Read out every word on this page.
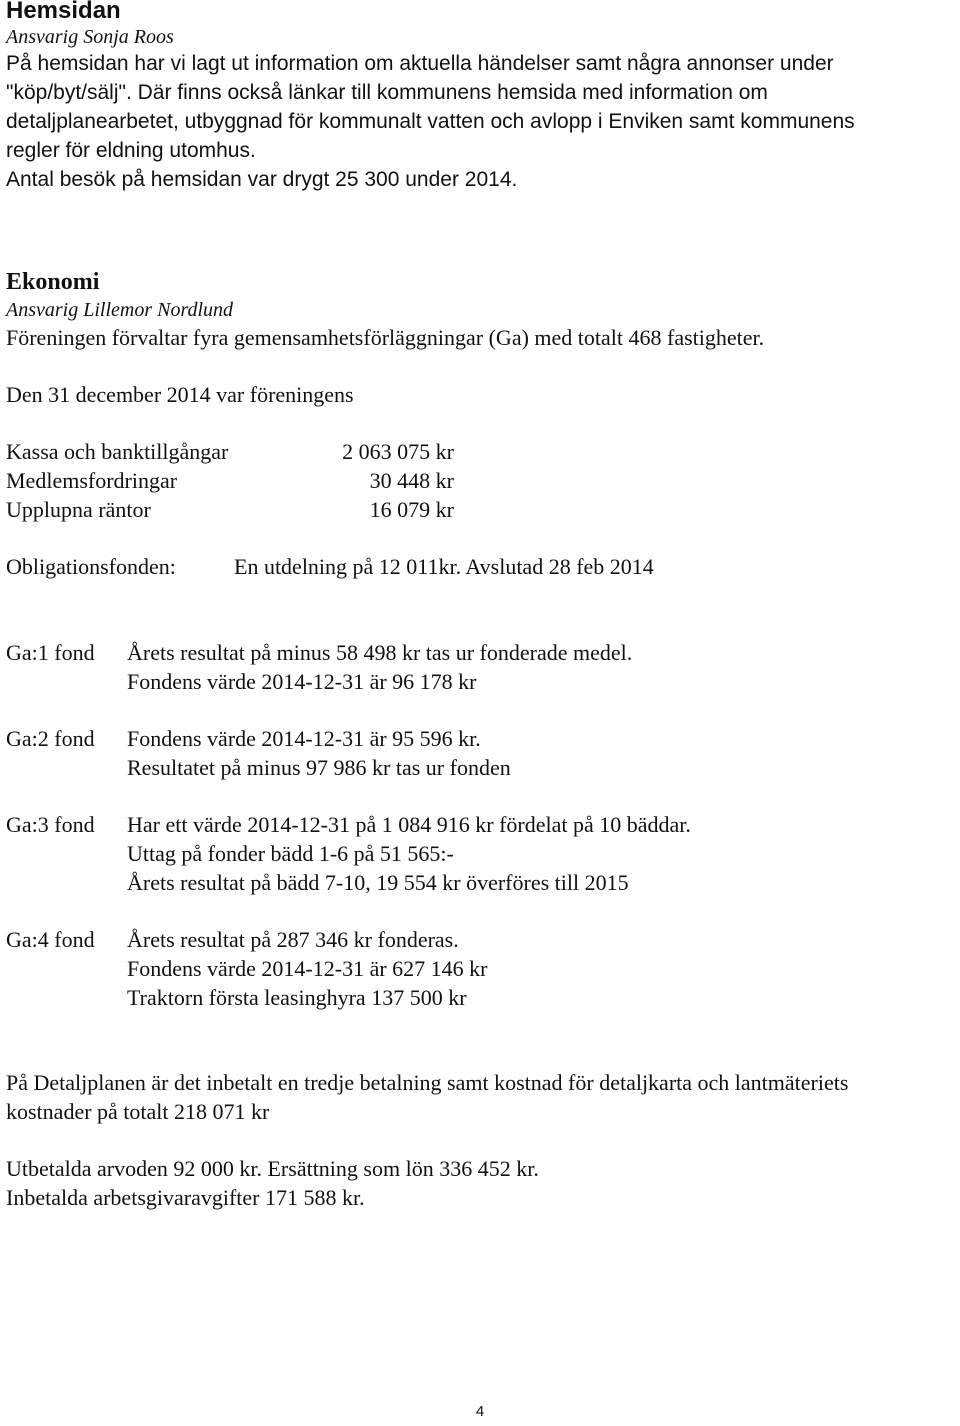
Hemsidan
Ansvarig Sonja Roos
På hemsidan har vi lagt ut information om aktuella händelser samt några annonser under
"köp/byt/sälj". Där finns också länkar till kommunens hemsida med information om
detaljplanearbetet, utbyggnad för kommunalt vatten och avlopp i Enviken samt kommunens
regler för eldning utomhus.
Antal besök på hemsidan var drygt 25 300 under 2014.
Ekonomi
Ansvarig Lillemor Nordlund
Föreningen förvaltar fyra gemensamhetsförläggningar (Ga) med totalt 468 fastigheter.
Den 31 december 2014 var föreningens
Kassa och banktillgångar	2 063 075 kr
Medlemsfordringar	30 448 kr
Upplupna räntor	16 079 kr
Obligationsfonden:	En utdelning på 12 011kr. Avslutad 28 feb 2014
Ga:1 fond Årets resultat på minus 58 498 kr tas ur fonderade medel.
Fondens värde 2014-12-31 är 96 178 kr
Ga:2 fond Fondens värde 2014-12-31 är 95 596 kr.
Resultatet på minus 97 986 kr tas ur fonden
Ga:3 fond Har ett värde 2014-12-31 på 1 084 916 kr fördelat på 10 bäddar.
Uttag på fonder bädd 1-6 på 51 565:-
Årets resultat på bädd 7-10, 19 554 kr överföres till 2015
Ga:4 fond Årets resultat på 287 346 kr fonderas.
Fondens värde 2014-12-31 är 627 146 kr
Traktorn första leasinghyra 137 500 kr
På Detaljplanen är det inbetalt en tredje betalning samt kostnad för detaljkarta och lantmäteriets
kostnader på totalt 218 071 kr
Utbetalda arvoden 92 000 kr. Ersättning som lön 336 452 kr.
Inbetalda arbetsgivaravgifter 171 588 kr.
4
